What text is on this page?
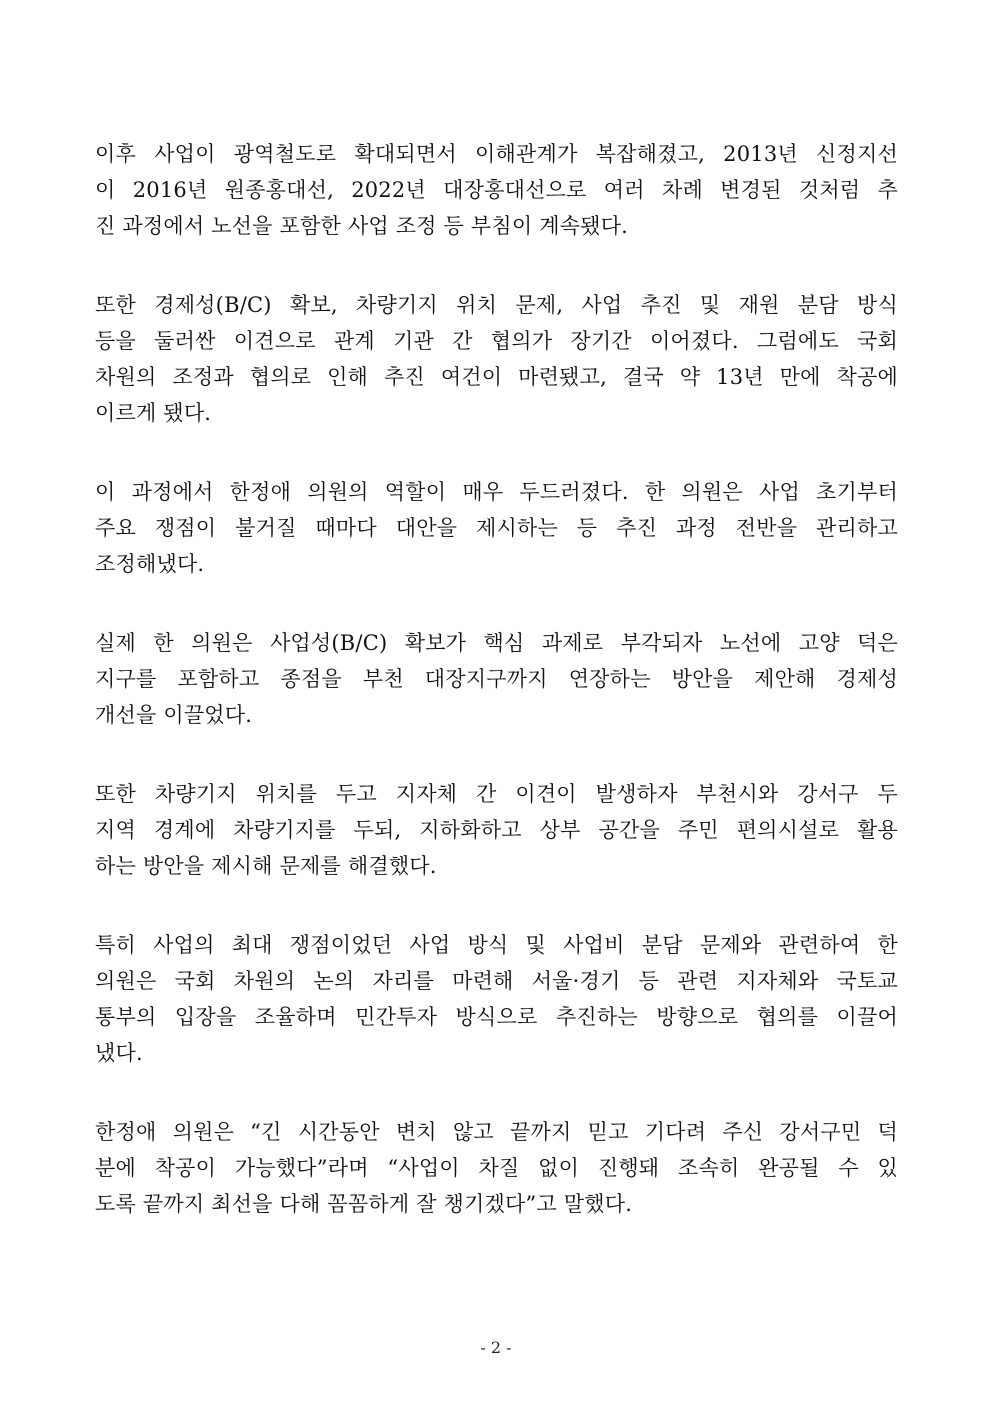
이후 사업이 광역철도로 확대되면서 이해관계가 복잡해졌고, 2013년 신정지선
이 2016년 원종홍대선, 2022년 대장홍대선으로 여러 차례 변경된 것처럼 추
진 과정에서 노선을 포함한 사업 조정 등 부침이 계속됐다.
또한 경제성(B/C) 확보, 차량기지 위치 문제, 사업 추진 및 재원 분담 방식
등을 둘러싼 이견으로 관계 기관 간 협의가 장기간 이어졌다. 그럼에도 국회
차원의 조정과 협의로 인해 추진 여건이 마련됐고, 결국 약 13년 만에 착공에
이르게 됐다.
이 과정에서 한정애 의원의 역할이 매우 두드러졌다. 한 의원은 사업 초기부터
주요 쟁점이 불거질 때마다 대안을 제시하는 등 추진 과정 전반을 관리하고
조정해냈다.
실제 한 의원은 사업성(B/C) 확보가 핵심 과제로 부각되자 노선에 고양 덕은
지구를 포함하고 종점을 부천 대장지구까지 연장하는 방안을 제안해 경제성
개선을 이끌었다.
또한 차량기지 위치를 두고 지자체 간 이견이 발생하자 부천시와 강서구 두
지역 경계에 차량기지를 두되, 지하화하고 상부 공간을 주민 편의시설로 활용
하는 방안을 제시해 문제를 해결했다.
특히 사업의 최대 쟁점이었던 사업 방식 및 사업비 분담 문제와 관련하여 한
의원은 국회 차원의 논의 자리를 마련해 서울·경기 등 관련 지자체와 국토교
통부의 입장을 조율하며 민간투자 방식으로 추진하는 방향으로 협의를 이끌어
냈다.
한정애 의원은 “긴 시간동안 변치 않고 끝까지 믿고 기다려 주신 강서구민 덕
분에 착공이 가능했다”라며 “사업이 차질 없이 진행돼 조속히 완공될 수 있
도록 끝까지 최선을 다해 꼼꼼하게 잘 챙기겠다”고 말했다.
- 2 -
